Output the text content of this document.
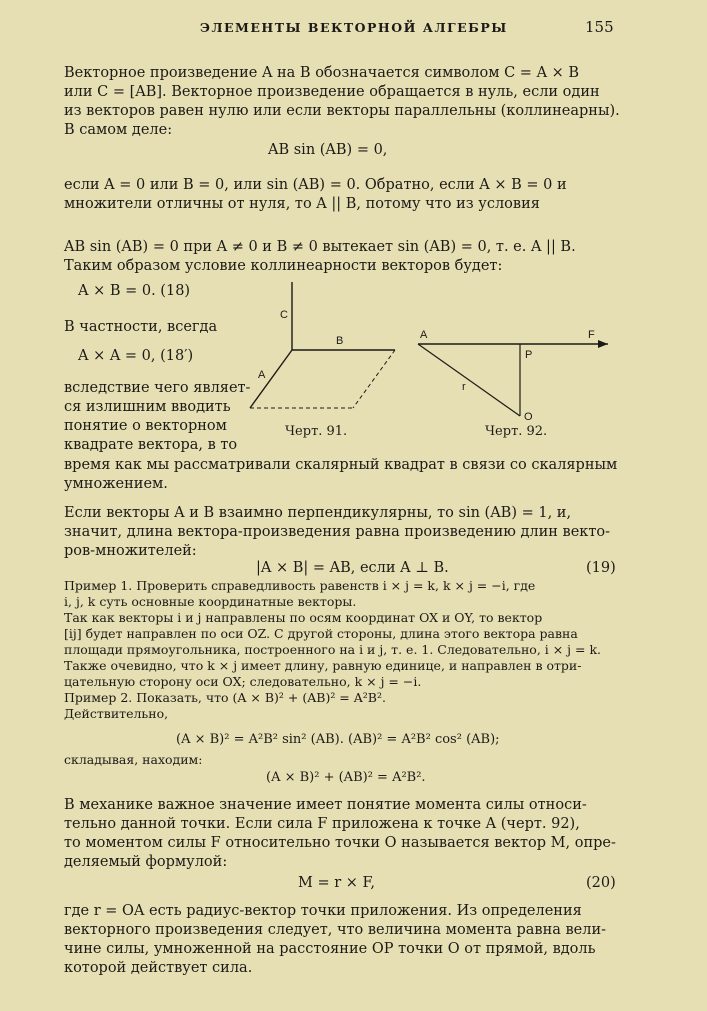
ЭЛЕМЕНТЫ ВЕКТОРНОЙ АЛГЕБРЫ	155
Векторное произведение A на B обозначается символом C = A × B
или C = [AB]. Векторное произведение обращается в нуль, если один
из векторов равен нулю или если векторы параллельны (коллинеарны).
В самом деле:
AB sin (AB) = 0,
если A = 0 или B = 0, или sin (AB) = 0. Обратно, если A × B = 0 и
множители отличны от нуля, то A || B, потому что из условия
AB sin (AB) = 0 при A ≠ 0 и B ≠ 0 вытекает sin (AB) = 0, т. е. A || B.
Таким образом условие коллинеарности векторов будет:
A × B = 0. (18)
В частности, всегда
A × A = 0, (18′)
вследствие чего являет-
ся излишним вводить
понятие о векторном
квадрате вектора, в то
C
B
A
Черт. 91.
A	F
P
r
O
Черт. 92.
время как мы рассматривали скалярный квадрат в связи со скалярным
умножением.
Если векторы A и B взаимно перпендикулярны, то sin (AB) = 1, и,
значит, длина вектора-произведения равна произведению длин векто-
ров-множителей:
|A × B| = AB, если A ⊥ B.	(19)
Пример 1. Проверить справедливость равенств i × j = k, k × j = −i, где
i, j, k суть основные координатные векторы.
Так как векторы i и j направлены по осям координат OX и OY, то вектор
[ij] будет направлен по оси OZ. С другой стороны, длина этого вектора равна
площади прямоугольника, построенного на i и j, т. е. 1. Следовательно, i × j = k.
Также очевидно, что k × j имеет длину, равную единице, и направлен в отри-
цательную сторону оси OX; следовательно, k × j = −i.
Пример 2. Показать, что (A × B)² + (AB)² = A²B².
Действительно,
(A × B)² = A²B² sin² (AB). (AB)² = A²B² cos² (AB);
складывая, находим:
(A × B)² + (AB)² = A²B².
В механике важное значение имеет понятие момента силы относи-
тельно данной точки. Если сила F приложена к точке A (черт. 92),
то моментом силы F относительно точки O называется вектор M, опре-
деляемый формулой:
M = r × F,	(20)
где r = OA есть радиус-вектор точки приложения. Из определения
векторного произведения следует, что величина момента равна вели-
чине силы, умноженной на расстояние OP точки O от прямой, вдоль
которой действует сила.
